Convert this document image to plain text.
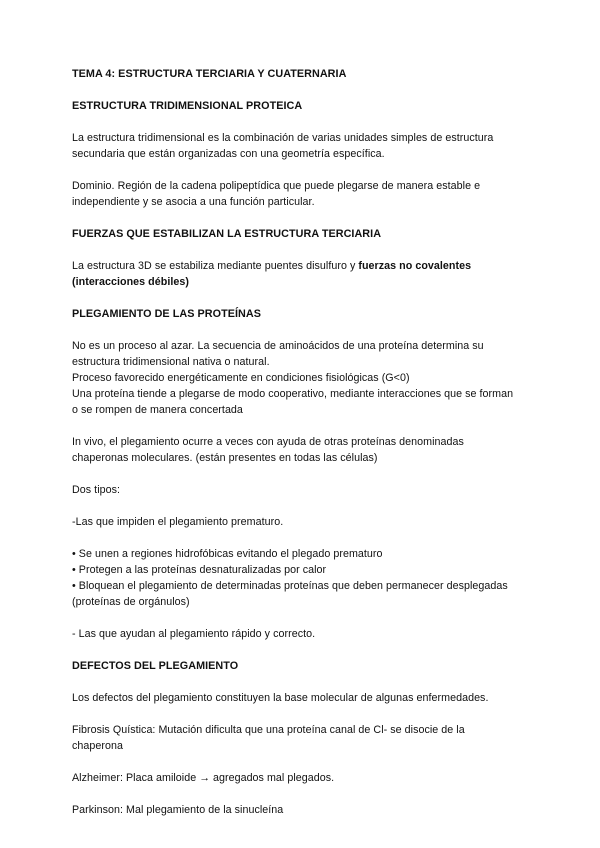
TEMA 4: ESTRUCTURA TERCIARIA Y CUATERNARIA

ESTRUCTURA TRIDIMENSIONAL PROTEICA

La estructura tridimensional es la combinación de varias unidades simples de estructura

secundaria que están organizadas con una geometría específica.

Dominio. Región de la cadena polipeptídica que puede plegarse de manera estable e

independiente y se asocia a una función particular.

FUERZAS QUE ESTABILIZAN LA ESTRUCTURA TERCIARIA

La estructura 3D se estabiliza mediante puentes disulfuro y fuerzas no covalentes

(interacciones débiles)

PLEGAMIENTO DE LAS PROTEÍNAS

No es un proceso al azar. La secuencia de aminoácidos de una proteína determina su

estructura tridimensional nativa o natural.

Proceso favorecido energéticamente en condiciones fisiológicas (G<0)

Una proteína tiende a plegarse de modo cooperativo, mediante interacciones que se forman

o se rompen de manera concertada

In vivo, el plegamiento ocurre a veces con ayuda de otras proteínas denominadas

chaperonas moleculares. (están presentes en todas las células)

Dos tipos:

-Las que impiden el plegamiento prematuro.

• Se unen a regiones hidrofóbicas evitando el plegado prematuro

• Protegen a las proteínas desnaturalizadas por calor

• Bloquean el plegamiento de determinadas proteínas que deben permanecer desplegadas

(proteínas de orgánulos)

- Las que ayudan al plegamiento rápido y correcto.

DEFECTOS DEL PLEGAMIENTO

Los defectos del plegamiento constituyen la base molecular de algunas enfermedades.

Fibrosis Quística: Mutación dificulta que una proteína canal de Cl- se disocie de la

chaperona

Alzheimer: Placa amiloide → agregados mal plegados.

Parkinson: Mal plegamiento de la sinucleína
